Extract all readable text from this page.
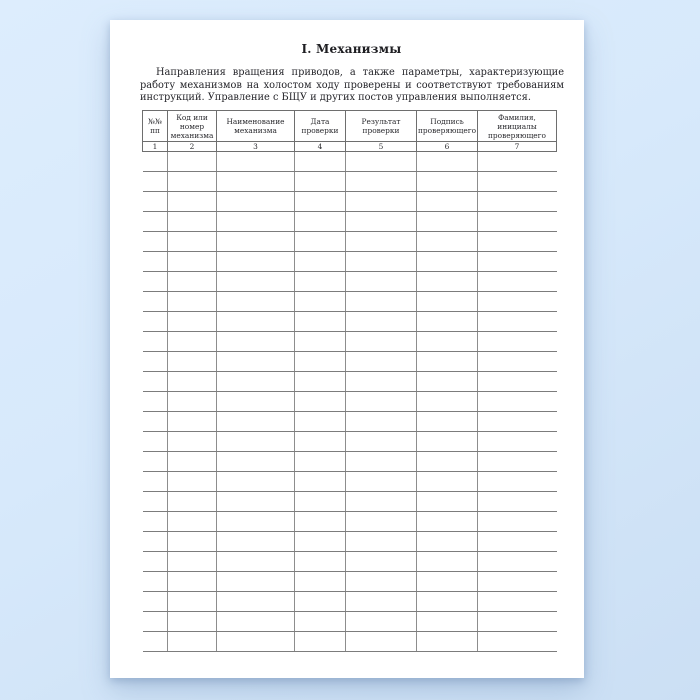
I. Механизмы

Направления вращения приводов, а также параметры, характеризующие работу механизмов на холостом ходу проверены и соответствуют требованиям инструкций. Управление с БЩУ и других постов управления выполняется.

№№ пп	Код или номер механизма	Наименование механизма	Дата проверки	Результат проверки	Подпись проверяющего	Фамилия, инициалы проверяющего
1	2	3	4	5	6	7
